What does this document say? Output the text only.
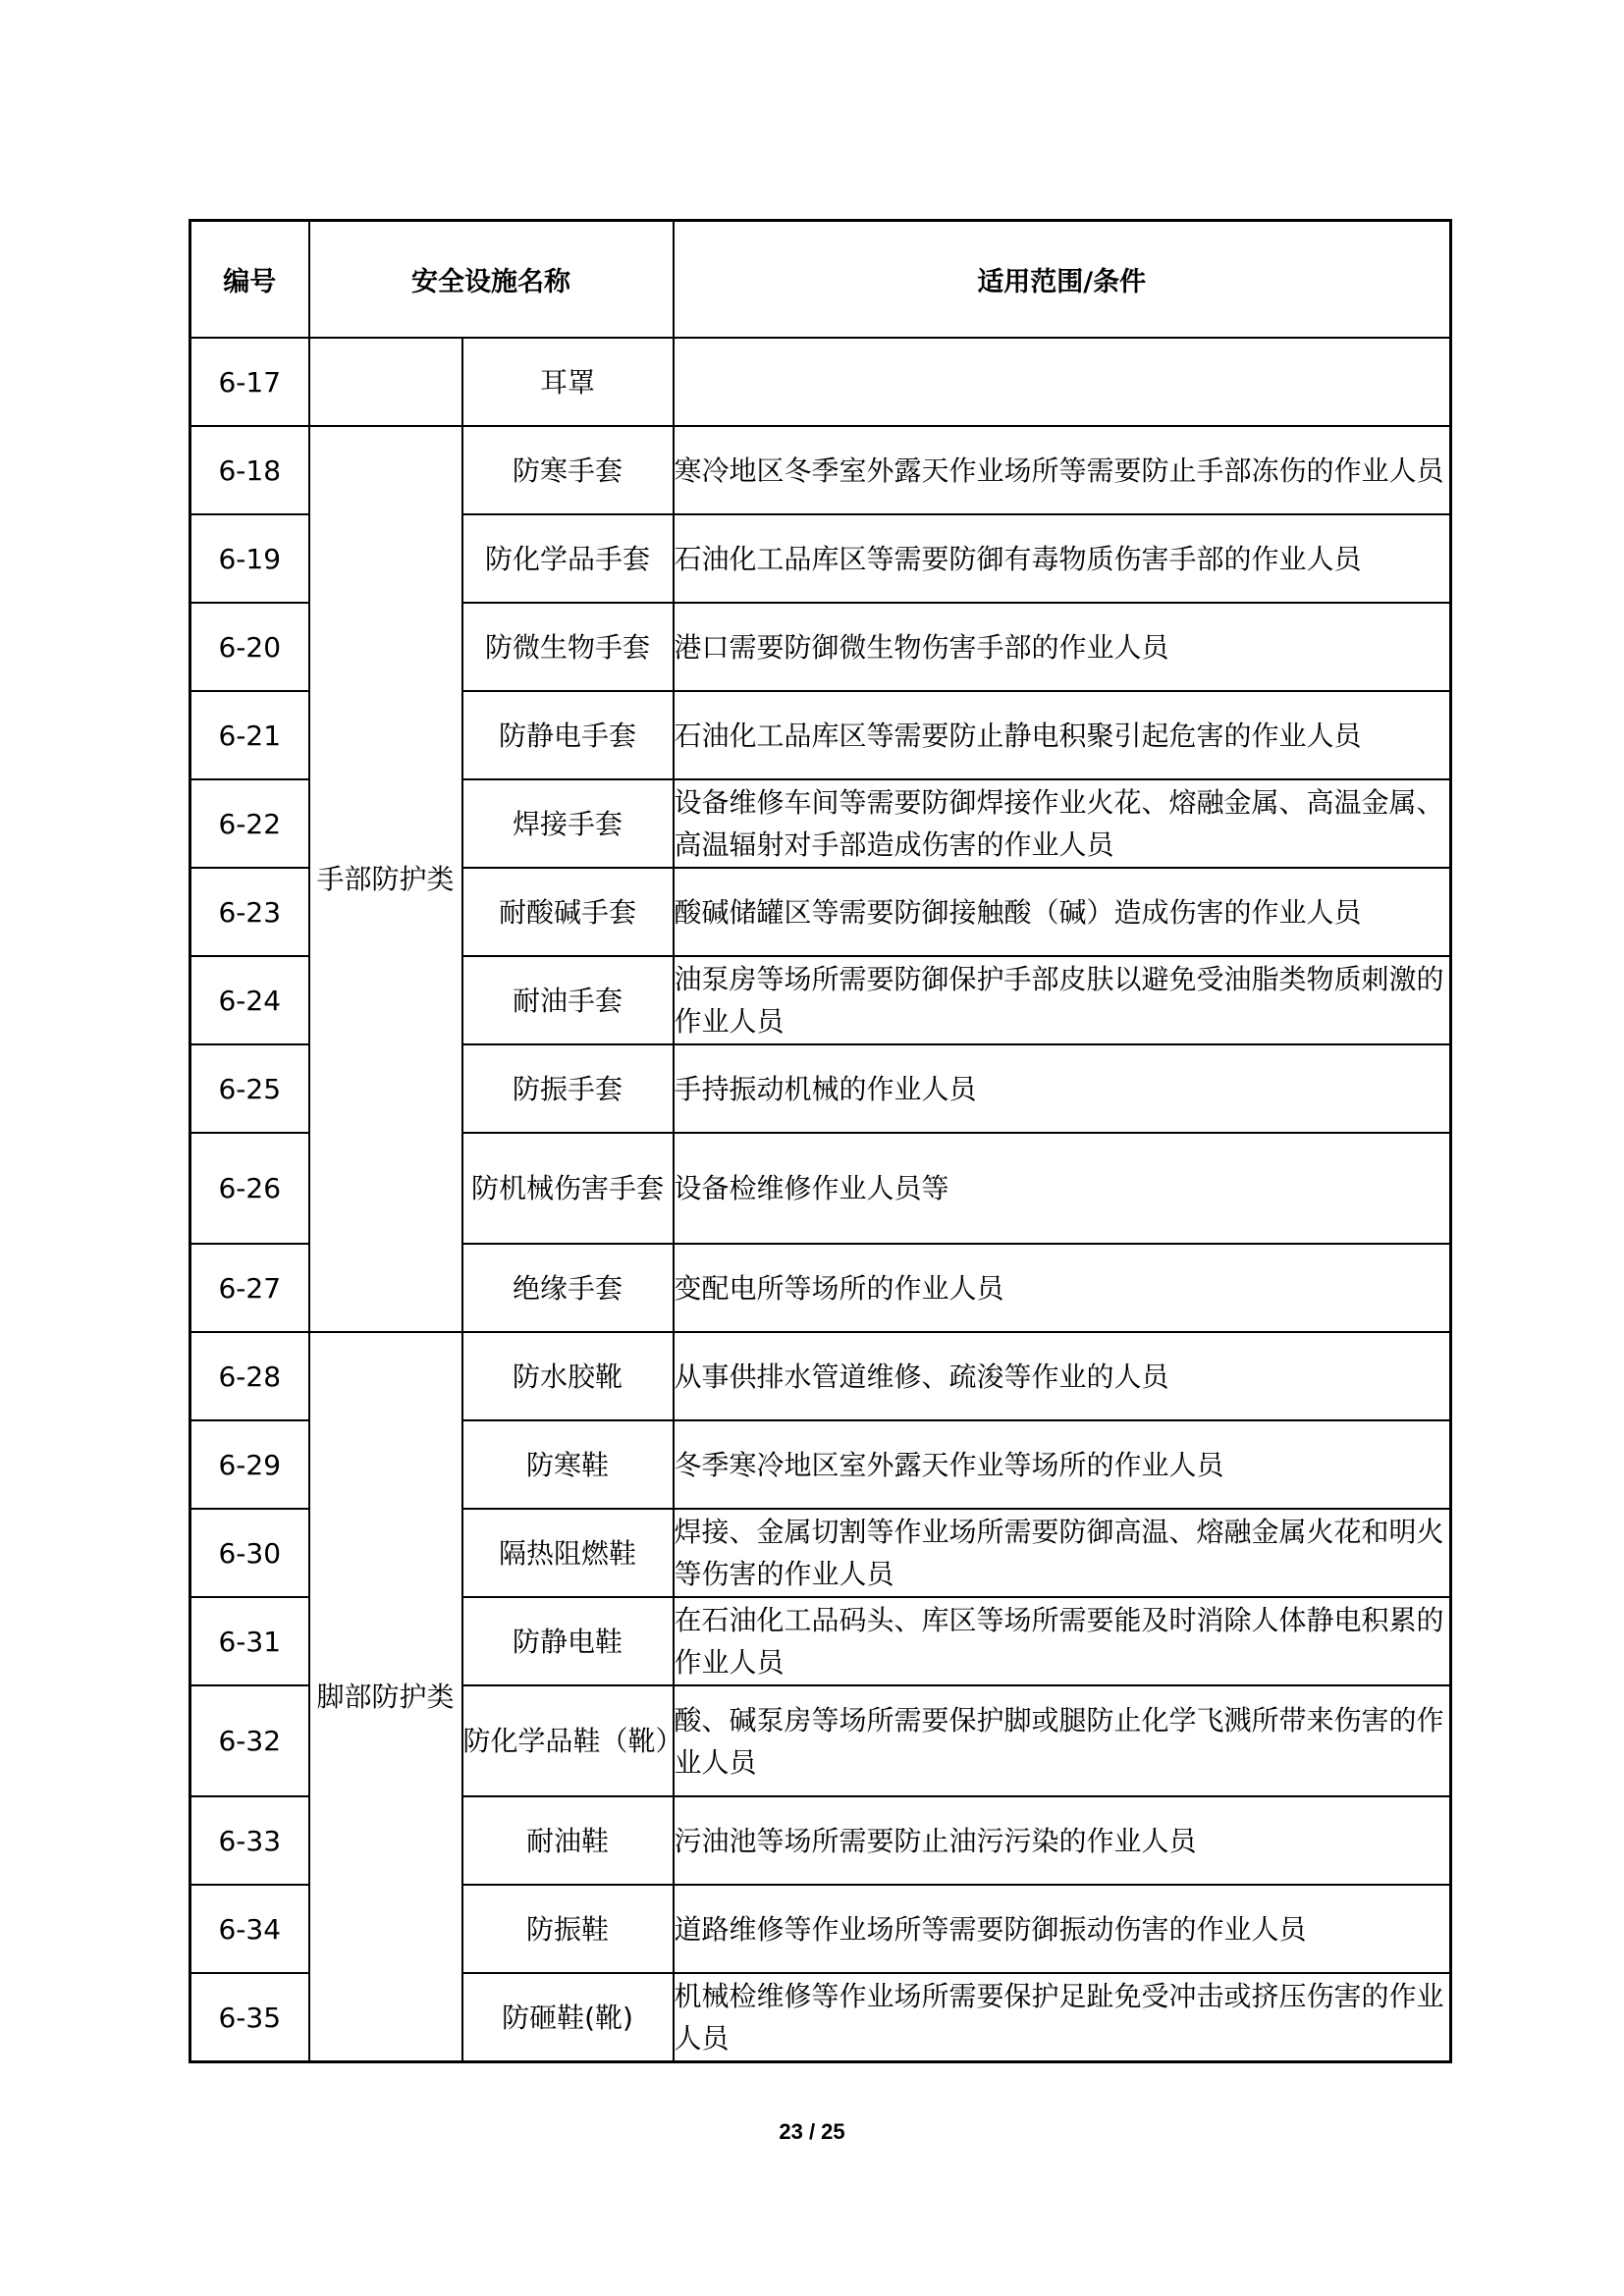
编号	安全设施名称		适用范围/条件
6-17		耳罩	
6-18	手部防护类	防寒手套	寒冷地区冬季室外露天作业场所等需要防止手部冻伤的作业人员
6-19		防化学品手套	石油化工品库区等需要防御有毒物质伤害手部的作业人员
6-20		防微生物手套	港口需要防御微生物伤害手部的作业人员
6-21		防静电手套	石油化工品库区等需要防止静电积聚引起危害的作业人员
6-22		焊接手套	设备维修车间等需要防御焊接作业火花、熔融金属、高温金属、高温辐射对手部造成伤害的作业人员
6-23		耐酸碱手套	酸碱储罐区等需要防御接触酸（碱）造成伤害的作业人员
6-24		耐油手套	油泵房等场所需要防御保护手部皮肤以避免受油脂类物质刺激的作业人员
6-25		防振手套	手持振动机械的作业人员
6-26		防机械伤害手套	设备检维修作业人员等
6-27		绝缘手套	变配电所等场所的作业人员
6-28	脚部防护类	防水胶靴	从事供排水管道维修、疏浚等作业的人员
6-29		防寒鞋	冬季寒冷地区室外露天作业等场所的作业人员
6-30		隔热阻燃鞋	焊接、金属切割等作业场所需要防御高温、熔融金属火花和明火等伤害的作业人员
6-31		防静电鞋	在石油化工品码头、库区等场所需要能及时消除人体静电积累的作业人员
6-32		防化学品鞋（靴）	酸、碱泵房等场所需要保护脚或腿防止化学飞溅所带来伤害的作业人员
6-33		耐油鞋	污油池等场所需要防止油污污染的作业人员
6-34		防振鞋	道路维修等作业场所等需要防御振动伤害的作业人员
6-35		防砸鞋(靴)	机械检维修等作业场所需要保护足趾免受冲击或挤压伤害的作业人员
23 / 25
